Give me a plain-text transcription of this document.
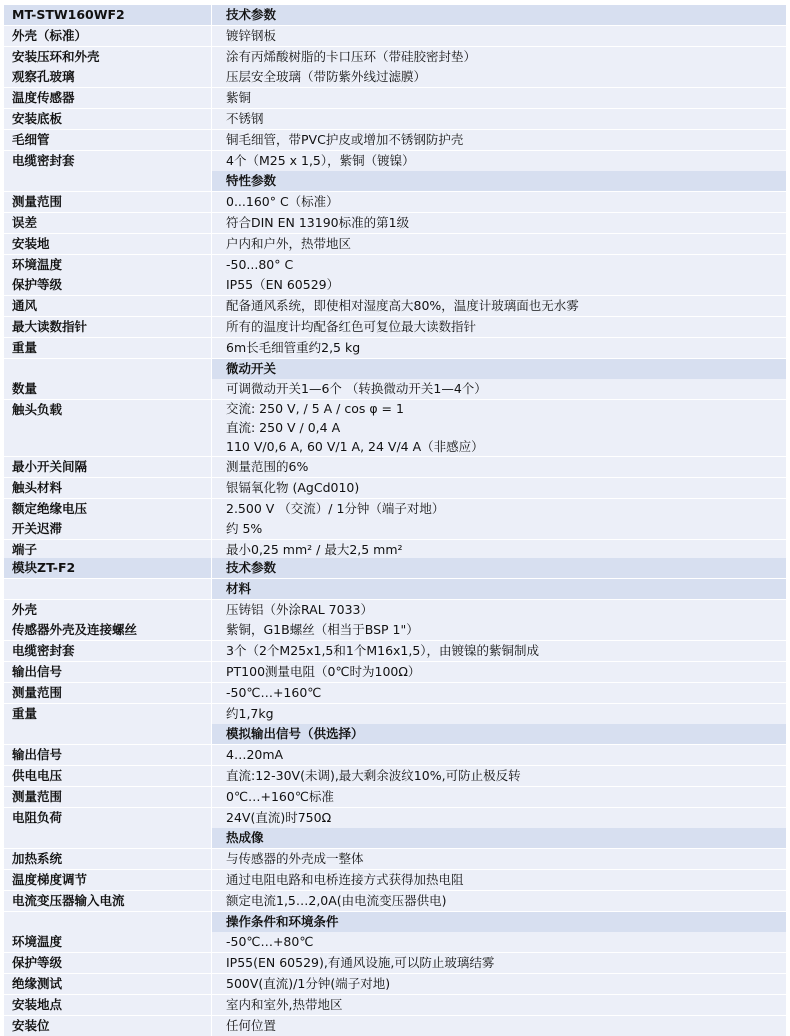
MT-STW160WF2	技术参数
外壳（标准）	镀锌钢板
安装压环和外壳	涂有丙烯酸树脂的卡口压环（带硅胶密封垫）
观察孔玻璃	压层安全玻璃（带防紫外线过滤膜）
温度传感器	紫铜
安装底板	不锈钢
毛细管	铜毛细管，带PVC护皮或增加不锈钢防护壳
电缆密封套	4个（M25 x 1,5），紫铜（镀镍）
特性参数
测量范围	0...160° C（标准）
误差	符合DIN EN 13190标准的第1级
安装地	户内和户外，热带地区
环境温度	-50...80° C
保护等级	IP55（EN 60529）
通风	配备通风系统，即使相对湿度高大80%，温度计玻璃面也无水雾
最大读数指针	所有的温度计均配备红色可复位最大读数指针
重量	6m长毛细管重约2,5 kg
微动开关
数量	可调微动开关1—6个 （转换微动开关1—4个）
触头负载	交流: 250 V, / 5 A / cos φ = 1
直流: 250 V / 0,4 A
110 V/0,6 A, 60 V/1 A, 24 V/4 A（非感应）
最小开关间隔	测量范围的6%
触头材料	银镉氧化物 (AgCd010)
额定绝缘电压	2.500 V （交流）/ 1分钟（端子对地）
开关迟滞	约 5%
端子	最小0,25 mm² / 最大2,5 mm²
模块ZT-F2	技术参数
材料
外壳	压铸铝（外涂RAL 7033）
传感器外壳及连接螺丝	紫铜，G1B螺丝（相当于BSP 1"）
电缆密封套	3个（2个M25x1,5和1个M16x1,5），由镀镍的紫铜制成
输出信号	PT100测量电阻（0℃时为100Ω）
测量范围	-50℃…+160℃
重量	约1,7kg
模拟输出信号（供选择）
输出信号	4…20mA
供电电压	直流:12-30V(未调),最大剩余波纹10%,可防止极反转
测量范围	0℃…+160℃标准
电阻负荷	24V(直流)时750Ω
热成像
加热系统	与传感器的外壳成一整体
温度梯度调节	通过电阻电路和电桥连接方式获得加热电阻
电流变压器输入电流	额定电流1,5…2,0A(由电流变压器供电)
操作条件和环境条件
环境温度	-50℃…+80℃
保护等级	IP55(EN 60529),有通风设施,可以防止玻璃结雾
绝缘测试	500V(直流)/1分钟(端子对地)
安装地点	室内和室外,热带地区
安装位	任何位置
